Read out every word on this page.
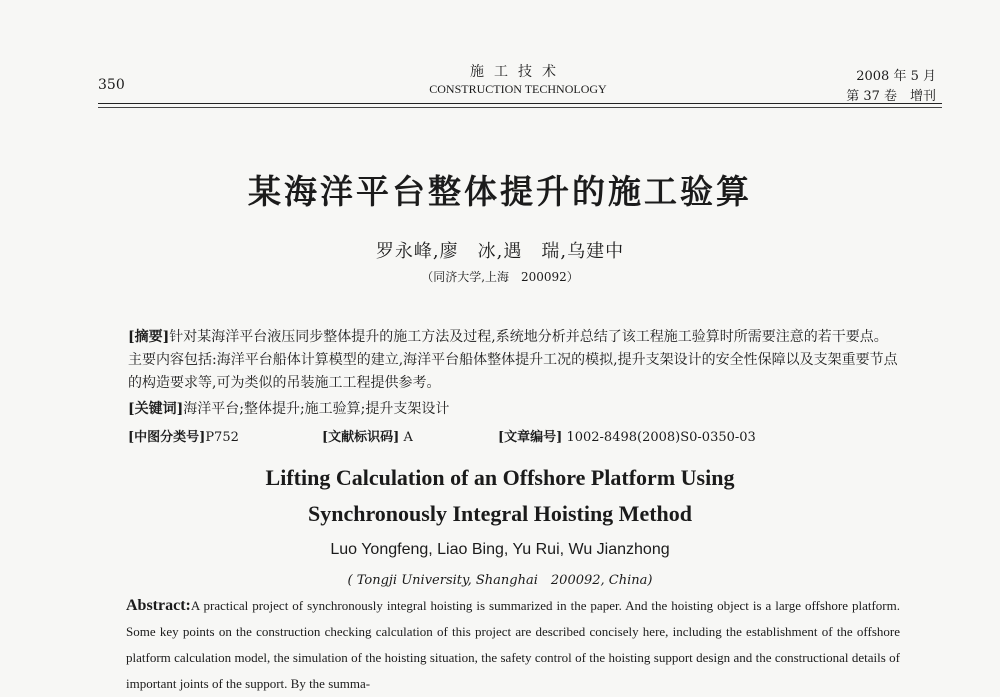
350
施工技术
CONSTRUCTION TECHNOLOGY
2008 年 5 月
第 37 卷　增刊
某海洋平台整体提升的施工验算
罗永峰,廖　冰,遇　瑞,乌建中
（同济大学,上海　200092）
[摘要]针对某海洋平台液压同步整体提升的施工方法及过程,系统地分析并总结了该工程施工验算时所需要注意的若干要点。主要内容包括:海洋平台船体计算模型的建立,海洋平台船体整体提升工况的模拟,提升支架设计的安全性保障以及支架重要节点的构造要求等,可为类似的吊装施工工程提供参考。
[关键词]海洋平台;整体提升;施工验算;提升支架设计
[中图分类号]P752	[文献标识码] A	[文章编号] 1002-8498(2008)S0-0350-03
Lifting Calculation of an Offshore Platform Using
Synchronously Integral Hoisting Method
Luo Yongfeng, Liao Bing, Yu Rui, Wu Jianzhong
( Tongji University, Shanghai　200092, China)
Abstract:A practical project of synchronously integral hoisting is summarized in the paper. And the hoisting object is a large offshore platform. Some key points on the construction checking calculation of this project are described concisely here, including the establishment of the offshore platform calculation model, the simulation of the hoisting situation, the safety control of the hoisting support design and the constructional details of important joints of the support. By the summa-
